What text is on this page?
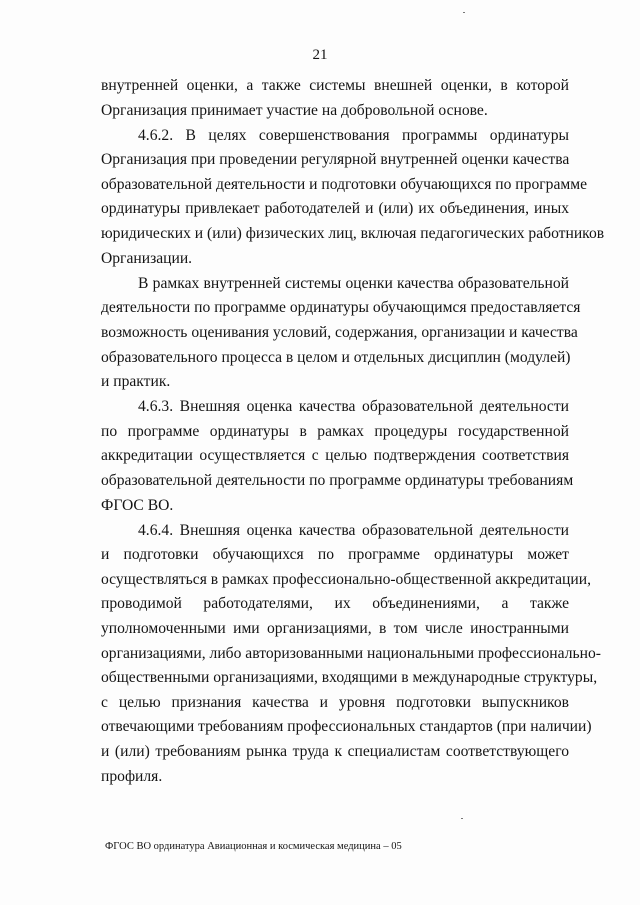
21
внутренней оценки, а также системы внешней оценки, в которой
Организация принимает участие на добровольной основе.
4.6.2. В целях совершенствования программы ординатуры
Организация при проведении регулярной внутренней оценки качества
образовательной деятельности и подготовки обучающихся по программе
ординатуры привлекает работодателей и (или) их объединения, иных
юридических и (или) физических лиц, включая педагогических работников
Организации.
В рамках внутренней системы оценки качества образовательной
деятельности по программе ординатуры обучающимся предоставляется
возможность оценивания условий, содержания, организации и качества
образовательного процесса в целом и отдельных дисциплин (модулей)
и практик.
4.6.3. Внешняя оценка качества образовательной деятельности
по программе ординатуры в рамках процедуры государственной
аккредитации осуществляется с целью подтверждения соответствия
образовательной деятельности по программе ординатуры требованиям
ФГОС ВО.
4.6.4. Внешняя оценка качества образовательной деятельности
и подготовки обучающихся по программе ординатуры может
осуществляться в рамках профессионально-общественной аккредитации,
проводимой работодателями, их объединениями, а также
уполномоченными ими организациями, в том числе иностранными
организациями, либо авторизованными национальными профессионально-
общественными организациями, входящими в международные структуры,
с целью признания качества и уровня подготовки выпускников
отвечающими требованиям профессиональных стандартов (при наличии)
и (или) требованиям рынка труда к специалистам соответствующего
профиля.
ФГОС ВО ординатура Авиационная и космическая медицина – 05
